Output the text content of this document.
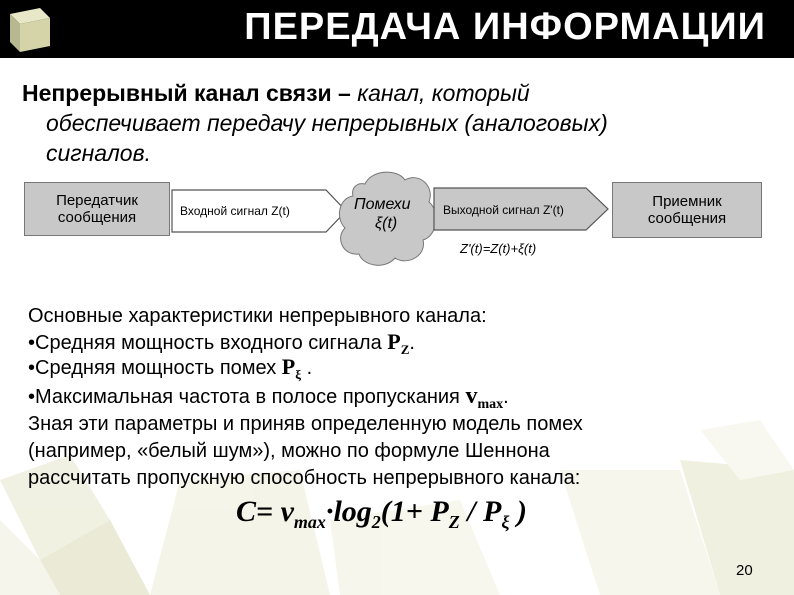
ПЕРЕДАЧА ИНФОРМАЦИИ
Непрерывный канал связи – канал, который
обеспечивает передачу непрерывных (аналоговых)
сигналов.
Передатчик сообщения	Входной сигнал Z(t)	Помехи
ξ(t)
Выходной сигнал Z'(t)	Приемник сообщения
Z'(t)=Z(t)+ξ(t)
Основные характеристики непрерывного канала:
•Средняя мощность входного сигнала $P_Z$.
•Средняя мощность помех $P_\xi$ .
•Максимальная частота в полосе пропускания $v_{max}$.
Зная эти параметры и приняв определенную модель помех
(например, «белый шум»), можно по формуле Шеннона
рассчитать пропускную способность непрерывного канала:
$C= v_{max}\cdot\log_2(1+ P_Z / P_\xi$ )
20
